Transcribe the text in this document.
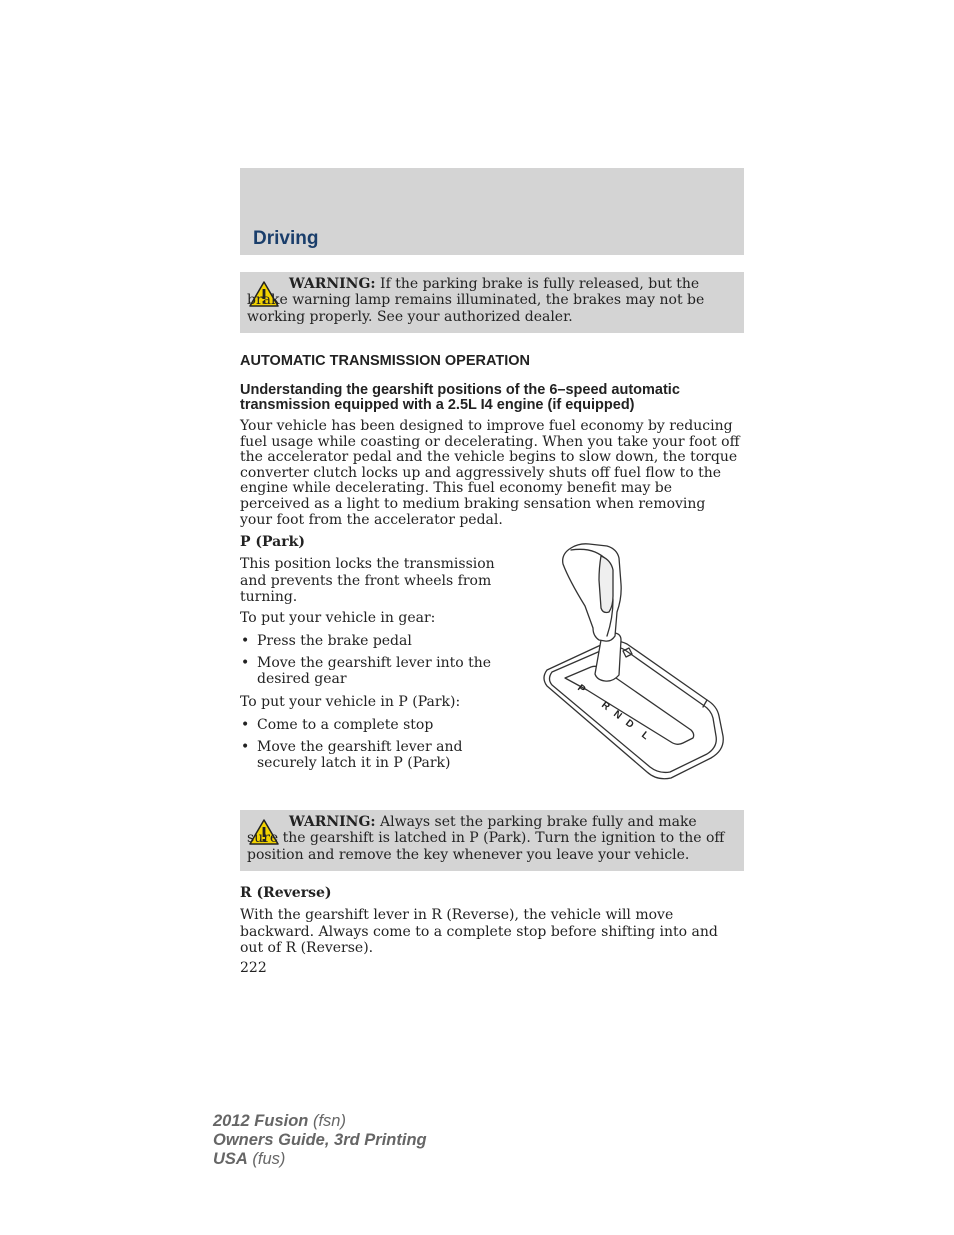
Driving

WARNING: If the parking brake is fully released, but the brake warning lamp remains illuminated, the brakes may not be working properly. See your authorized dealer.

AUTOMATIC TRANSMISSION OPERATION
Understanding the gearshift positions of the 6–speed automatic transmission equipped with a 2.5L I4 engine (if equipped)

Your vehicle has been designed to improve fuel economy by reducing fuel usage while coasting or decelerating. When you take your foot off the accelerator pedal and the vehicle begins to slow down, the torque converter clutch locks up and aggressively shuts off fuel flow to the engine while decelerating. This fuel economy benefit may be perceived as a light to medium braking sensation when removing your foot from the accelerator pedal.

P (Park)

This position locks the transmission and prevents the front wheels from turning.

To put your vehicle in gear:

• Press the brake pedal
• Move the gearshift lever into the desired gear

To put your vehicle in P (Park):

• Come to a complete stop
• Move the gearshift lever and securely latch it in P (Park)
P
R
N
D
L

WARNING: Always set the parking brake fully and make sure the gearshift is latched in P (Park). Turn the ignition to the off position and remove the key whenever you leave your vehicle.

R (Reverse)

With the gearshift lever in R (Reverse), the vehicle will move backward. Always come to a complete stop before shifting into and out of R (Reverse).

222
2012 Fusion (fsn)
Owners Guide, 3rd Printing
USA (fus)
